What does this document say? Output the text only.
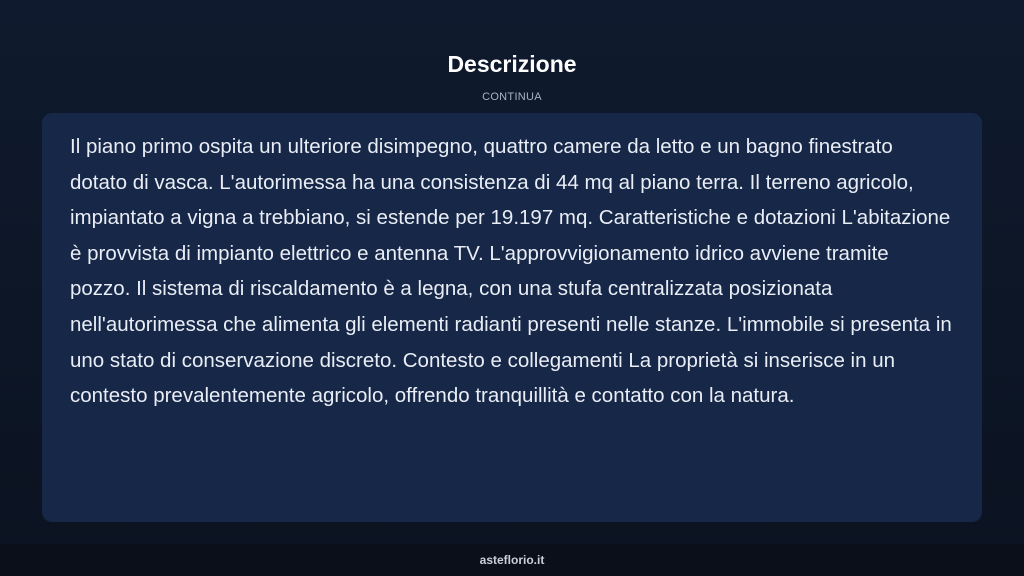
Descrizione
CONTINUA

Il piano primo ospita un ulteriore disimpegno, quattro camere da letto e un bagno finestrato dotato di vasca. L'autorimessa ha una consistenza di 44 mq al piano terra. Il terreno agricolo, impiantato a vigna a trebbiano, si estende per 19.197 mq. Caratteristiche e dotazioni L'abitazione è provvista di impianto elettrico e antenna TV. L'approvvigionamento idrico avviene tramite pozzo. Il sistema di riscaldamento è a legna, con una stufa centralizzata posizionata nell'autorimessa che alimenta gli elementi radianti presenti nelle stanze. L'immobile si presenta in uno stato di conservazione discreto. Contesto e collegamenti La proprietà si inserisce in un contesto prevalentemente agricolo, offrendo tranquillità e contatto con la natura.

asteflorio.it
